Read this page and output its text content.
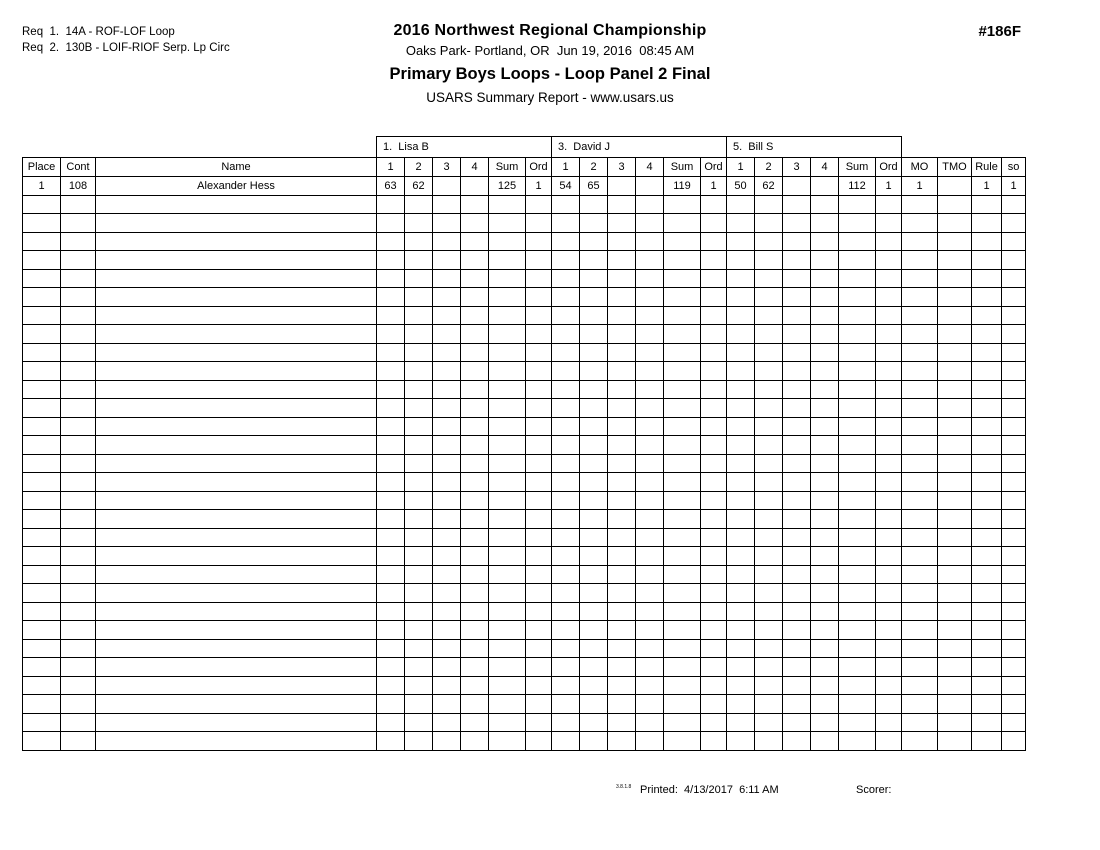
Req  1.  14A - ROF-LOF Loop
Req  2.  130B - LOIF-RIOF Serp. Lp Circ
2016 Northwest Regional Championship
Oaks Park- Portland, OR  Jun 19, 2016  08:45 AM
Primary Boys Loops - Loop Panel 2 Final
USARS Summary Report - www.usars.us
#186F
			1.  Lisa B						3.  David J						5.  Bill S									
Place	Cont	Name	1	2	3	4	Sum	Ord	1	2	3	4	Sum	Ord	1	2	3	4	Sum	Ord	MO	TMO	Rule	so
1	108	Alexander Hess	63	62			125	1	54	65			119	1	50	62			112	1	1		1	1

3.8.1.8 Printed:  4/13/2017  6:11 AM	Scorer:
